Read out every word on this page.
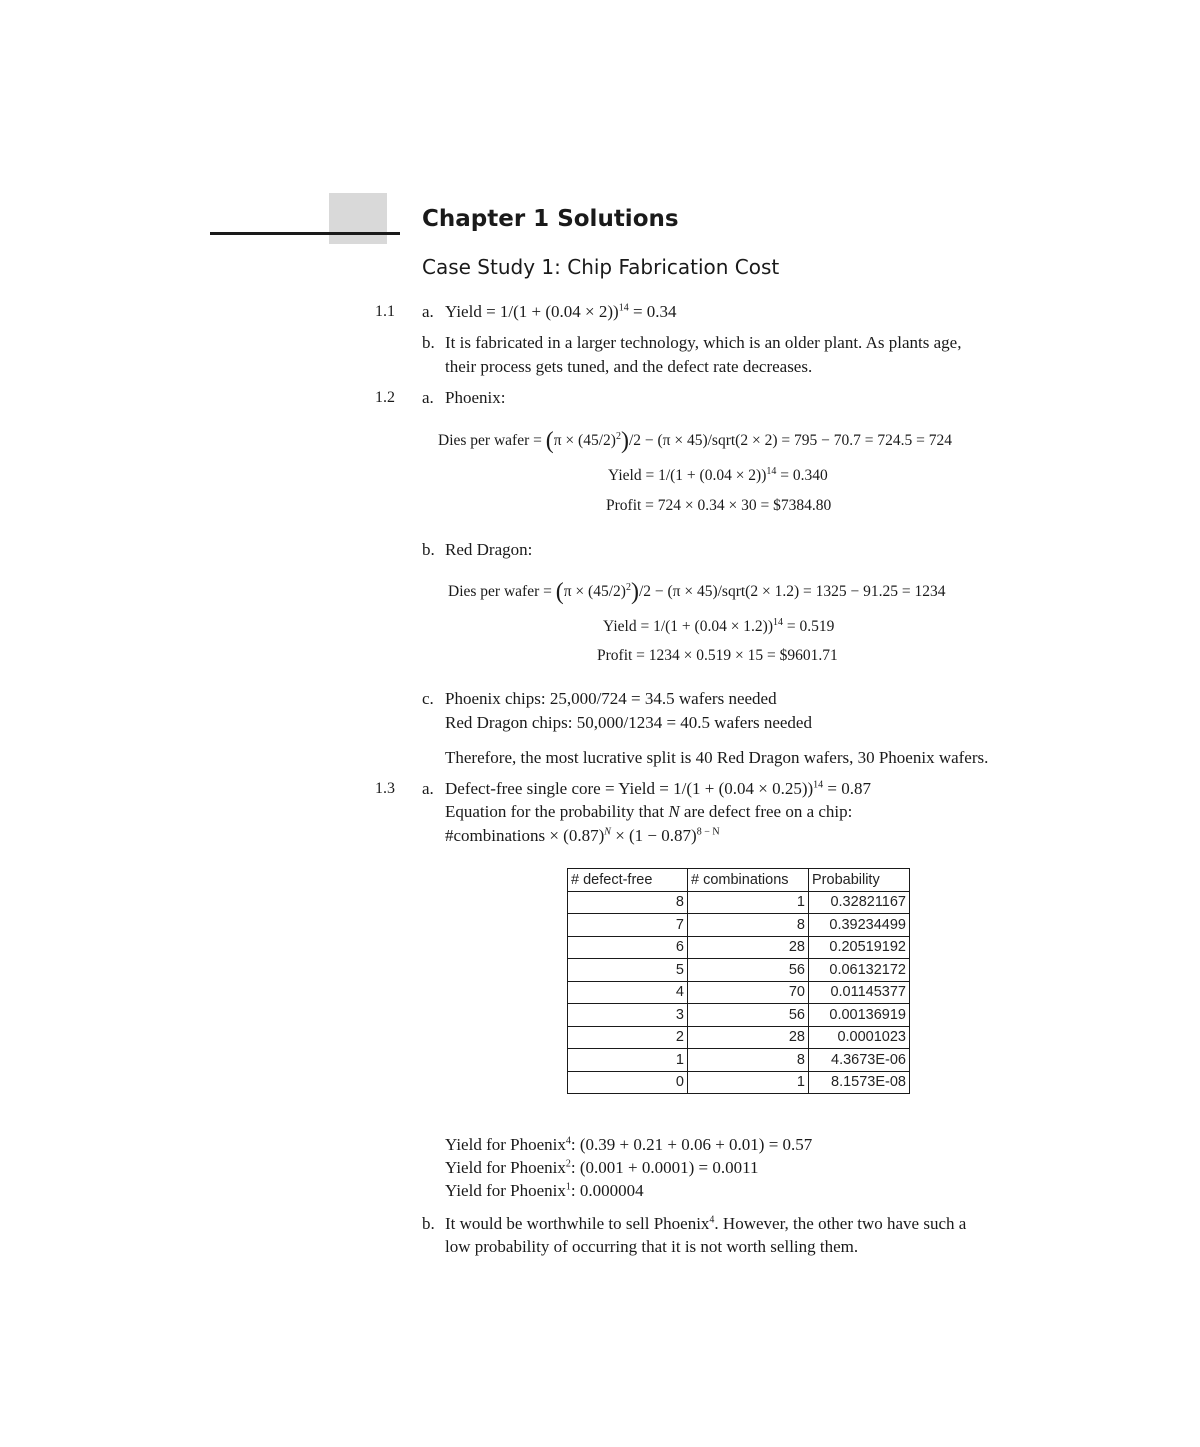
Chapter 1 Solutions
Case Study 1: Chip Fabrication Cost
1.1 a. Yield = $1/(1 + (0.04 \times 2))^{14} = 0.34$
b. It is fabricated in a larger technology, which is an older plant. As plants age,
their process gets tuned, and the defect rate decreases.
1.2 a. Phoenix:
Dies per wafer = $(\pi \times (45/2)^2)/2 - (\pi$ × 45)/sqrt(2 × 2) = 795 − 70.7 = 724.5 = 724
Yield = $1/(1 + (0.04 \times 2))^{14} = 0.340$
Profit = 724 × 0.34 × 30 = $7384.80
b. Red Dragon:
Dies per wafer = $(\pi \times (45/2)^2)/2 - (\pi$ × 45)/sqrt(2 × 1.2) = 1325 − 91.25 = 1234
Yield = $1/(1 + (0.04 \times 1.2))^{14} = 0.519$
Profit = 1234 × 0.519 × 15 = $9601.71
c. Phoenix chips: 25,000/724 = 34.5 wafers needed
Red Dragon chips: 50,000/1234 = 40.5 wafers needed
Therefore, the most lucrative split is 40 Red Dragon wafers, 30 Phoenix wafers.
1.3 a. Defect-free single core = Yield = $1/(1 + (0.04 \times 0.25))^{14} = 0.87$
Equation for the probability that N are defect free on a chip:
#combinations × $(0.87)^N \times (1 - 0.87)^{8 - N}$
# defect-free	# combinations	Probability
8	1	0.32821167
7	8	0.39234499
6	28	0.20519192
5	56	0.06132172
4	70	0.01145377
3	56	0.00136919
2	28	0.0001023
1	8	4.3673E-06
0	1	8.1573E-08
Yield for Phoenix$^4$: (0.39 + 0.21 + 0.06 + 0.01) = 0.57
Yield for Phoenix$^2$: (0.001 + 0.0001) = 0.0011
Yield for Phoenix$^1$: 0.000004
b. It would be worthwhile to sell Phoenix$^4$. However, the other two have such a
low probability of occurring that it is not worth selling them.
